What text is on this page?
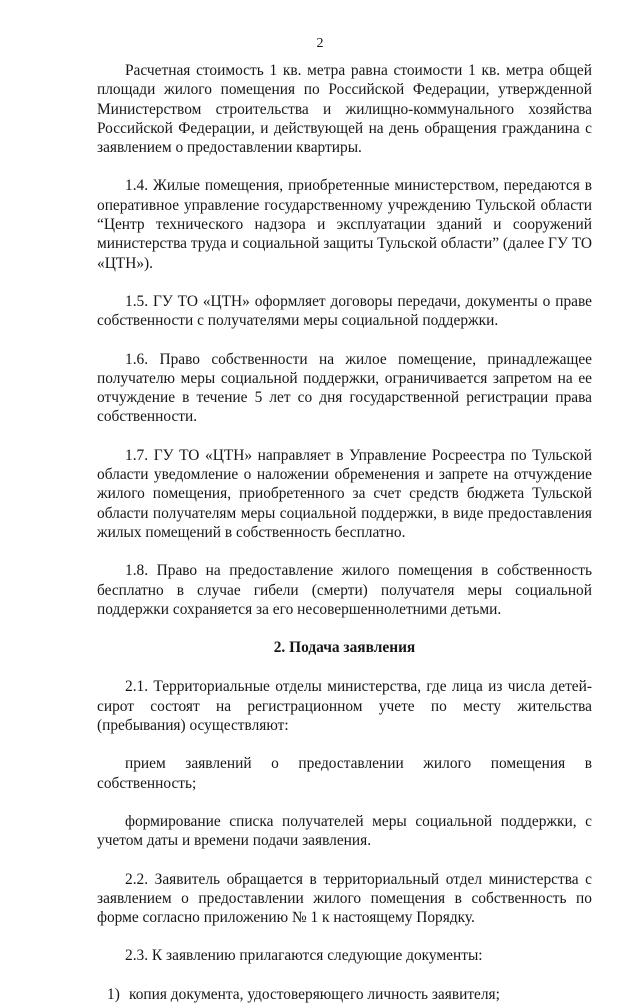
2

Расчетная стоимость 1 кв. метра равна стоимости 1 кв. метра общей площади жилого помещения по Российской Федерации, утвержденной Министерством строительства и жилищно-коммунального хозяйства Российской Федерации, и действующей на день обращения гражданина с заявлением о предоставлении квартиры.

1.4. Жилые помещения, приобретенные министерством, передаются в оперативное управление государственному учреждению Тульской области “Центр технического надзора и эксплуатации зданий и сооружений министерства труда и социальной защиты Тульской области” (далее ГУ ТО «ЦТН»).

1.5. ГУ ТО «ЦТН» оформляет договоры передачи, документы о праве собственности с получателями меры социальной поддержки.

1.6. Право собственности на жилое помещение, принадлежащее получателю меры социальной поддержки, ограничивается запретом на ее отчуждение в течение 5 лет со дня государственной регистрации права собственности.

1.7. ГУ ТО «ЦТН» направляет в Управление Росреестра по Тульской области уведомление о наложении обременения и запрете на отчуждение жилого помещения, приобретенного за счет средств бюджета Тульской области получателям меры социальной поддержки, в виде предоставления жилых помещений в собственность бесплатно.

1.8. Право на предоставление жилого помещения в собственность бесплатно в случае гибели (смерти) получателя меры социальной поддержки сохраняется за его несовершеннолетними детьми.

2. Подача заявления

2.1. Территориальные отделы министерства, где лица из числа детей-сирот состоят на регистрационном учете по месту жительства (пребывания) осуществляют:

прием заявлений о предоставлении жилого помещения в собственность;

формирование списка получателей меры социальной поддержки, с учетом даты и времени подачи заявления.

2.2. Заявитель обращается в территориальный отдел министерства с заявлением о предоставлении жилого помещения в собственность по форме согласно приложению № 1 к настоящему Порядку.

2.3. К заявлению прилагаются следующие документы:

1) копия документа, удостоверяющего личность заявителя;
